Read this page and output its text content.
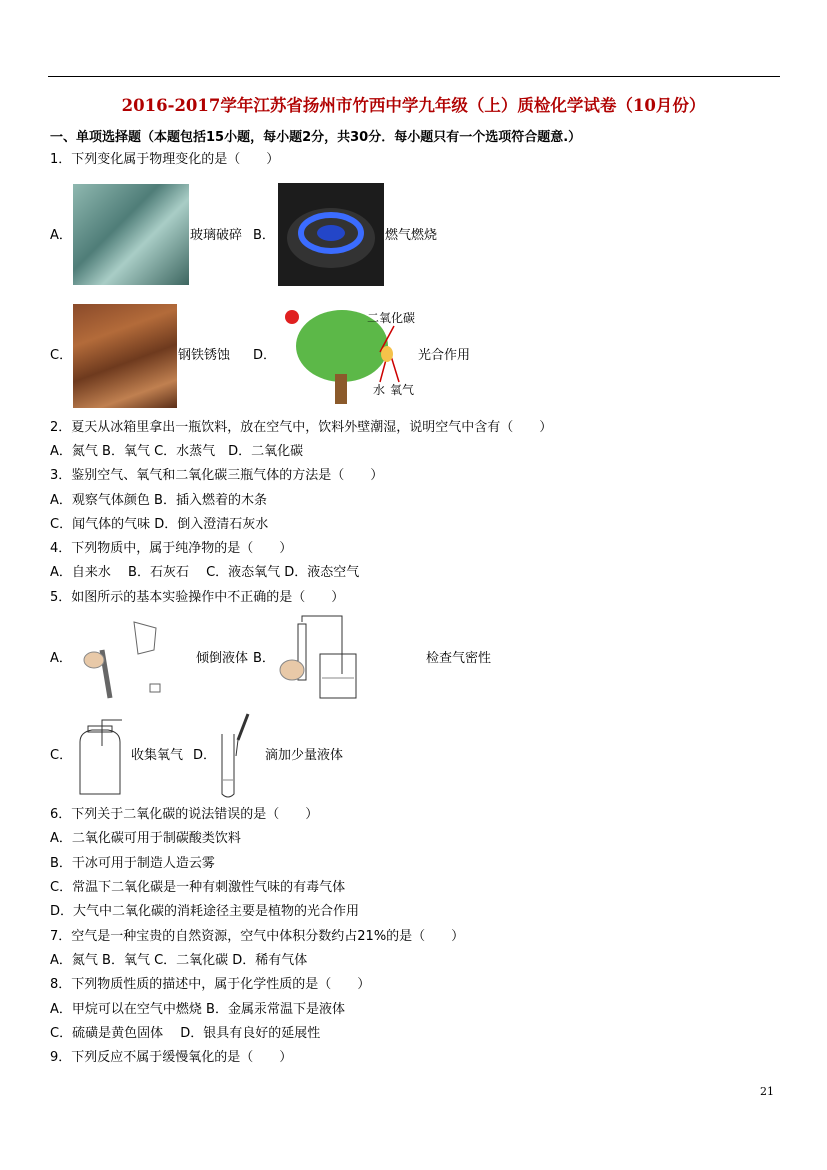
2016-2017学年江苏省扬州市竹西中学九年级（上）质检化学试卷（10月份）
一、单项选择题（本题包括15小题，每小题2分，共30分．每小题只有一个选项符合题意.）
1．下列变化属于物理变化的是（　　）
A．	玻璃破碎 B．	燃气燃烧
C．	钢铁锈蚀 D．
二氧化碳
水 氧气
光合作用
2．夏天从冰箱里拿出一瓶饮料，放在空气中，饮料外壁潮湿，说明空气中含有（　　）
A．氮气 B．氧气 C．水蒸气　D．二氧化碳
3．鉴别空气、氧气和二氧化碳三瓶气体的方法是（　　）
A．观察气体颜色 B．插入燃着的木条
C．闻气体的气味 D．倒入澄清石灰水
4．下列物质中，属于纯净物的是（　　）
A．自来水　 B．石灰石　 C．液态氧气 D．液态空气
5．如图所示的基本实验操作中不正确的是（　　）
A．	倾倒液体 B．	检查气密性
C．	收集氧气 D．	滴加少量液体
6．下列关于二氧化碳的说法错误的是（　　）
A．二氧化碳可用于制碳酸类饮料
B．干冰可用于制造人造云雾
C．常温下二氧化碳是一种有刺激性气味的有毒气体
D．大气中二氧化碳的消耗途径主要是植物的光合作用
7．空气是一种宝贵的自然资源，空气中体积分数约占21%的是（　　）
A．氮气 B．氧气 C．二氧化碳 D．稀有气体
8．下列物质性质的描述中，属于化学性质的是（　　）
A．甲烷可以在空气中燃烧 B．金属汞常温下是液体
C．硫磺是黄色固体　 D．银具有良好的延展性
9．下列反应不属于缓慢氧化的是（　　）
21
